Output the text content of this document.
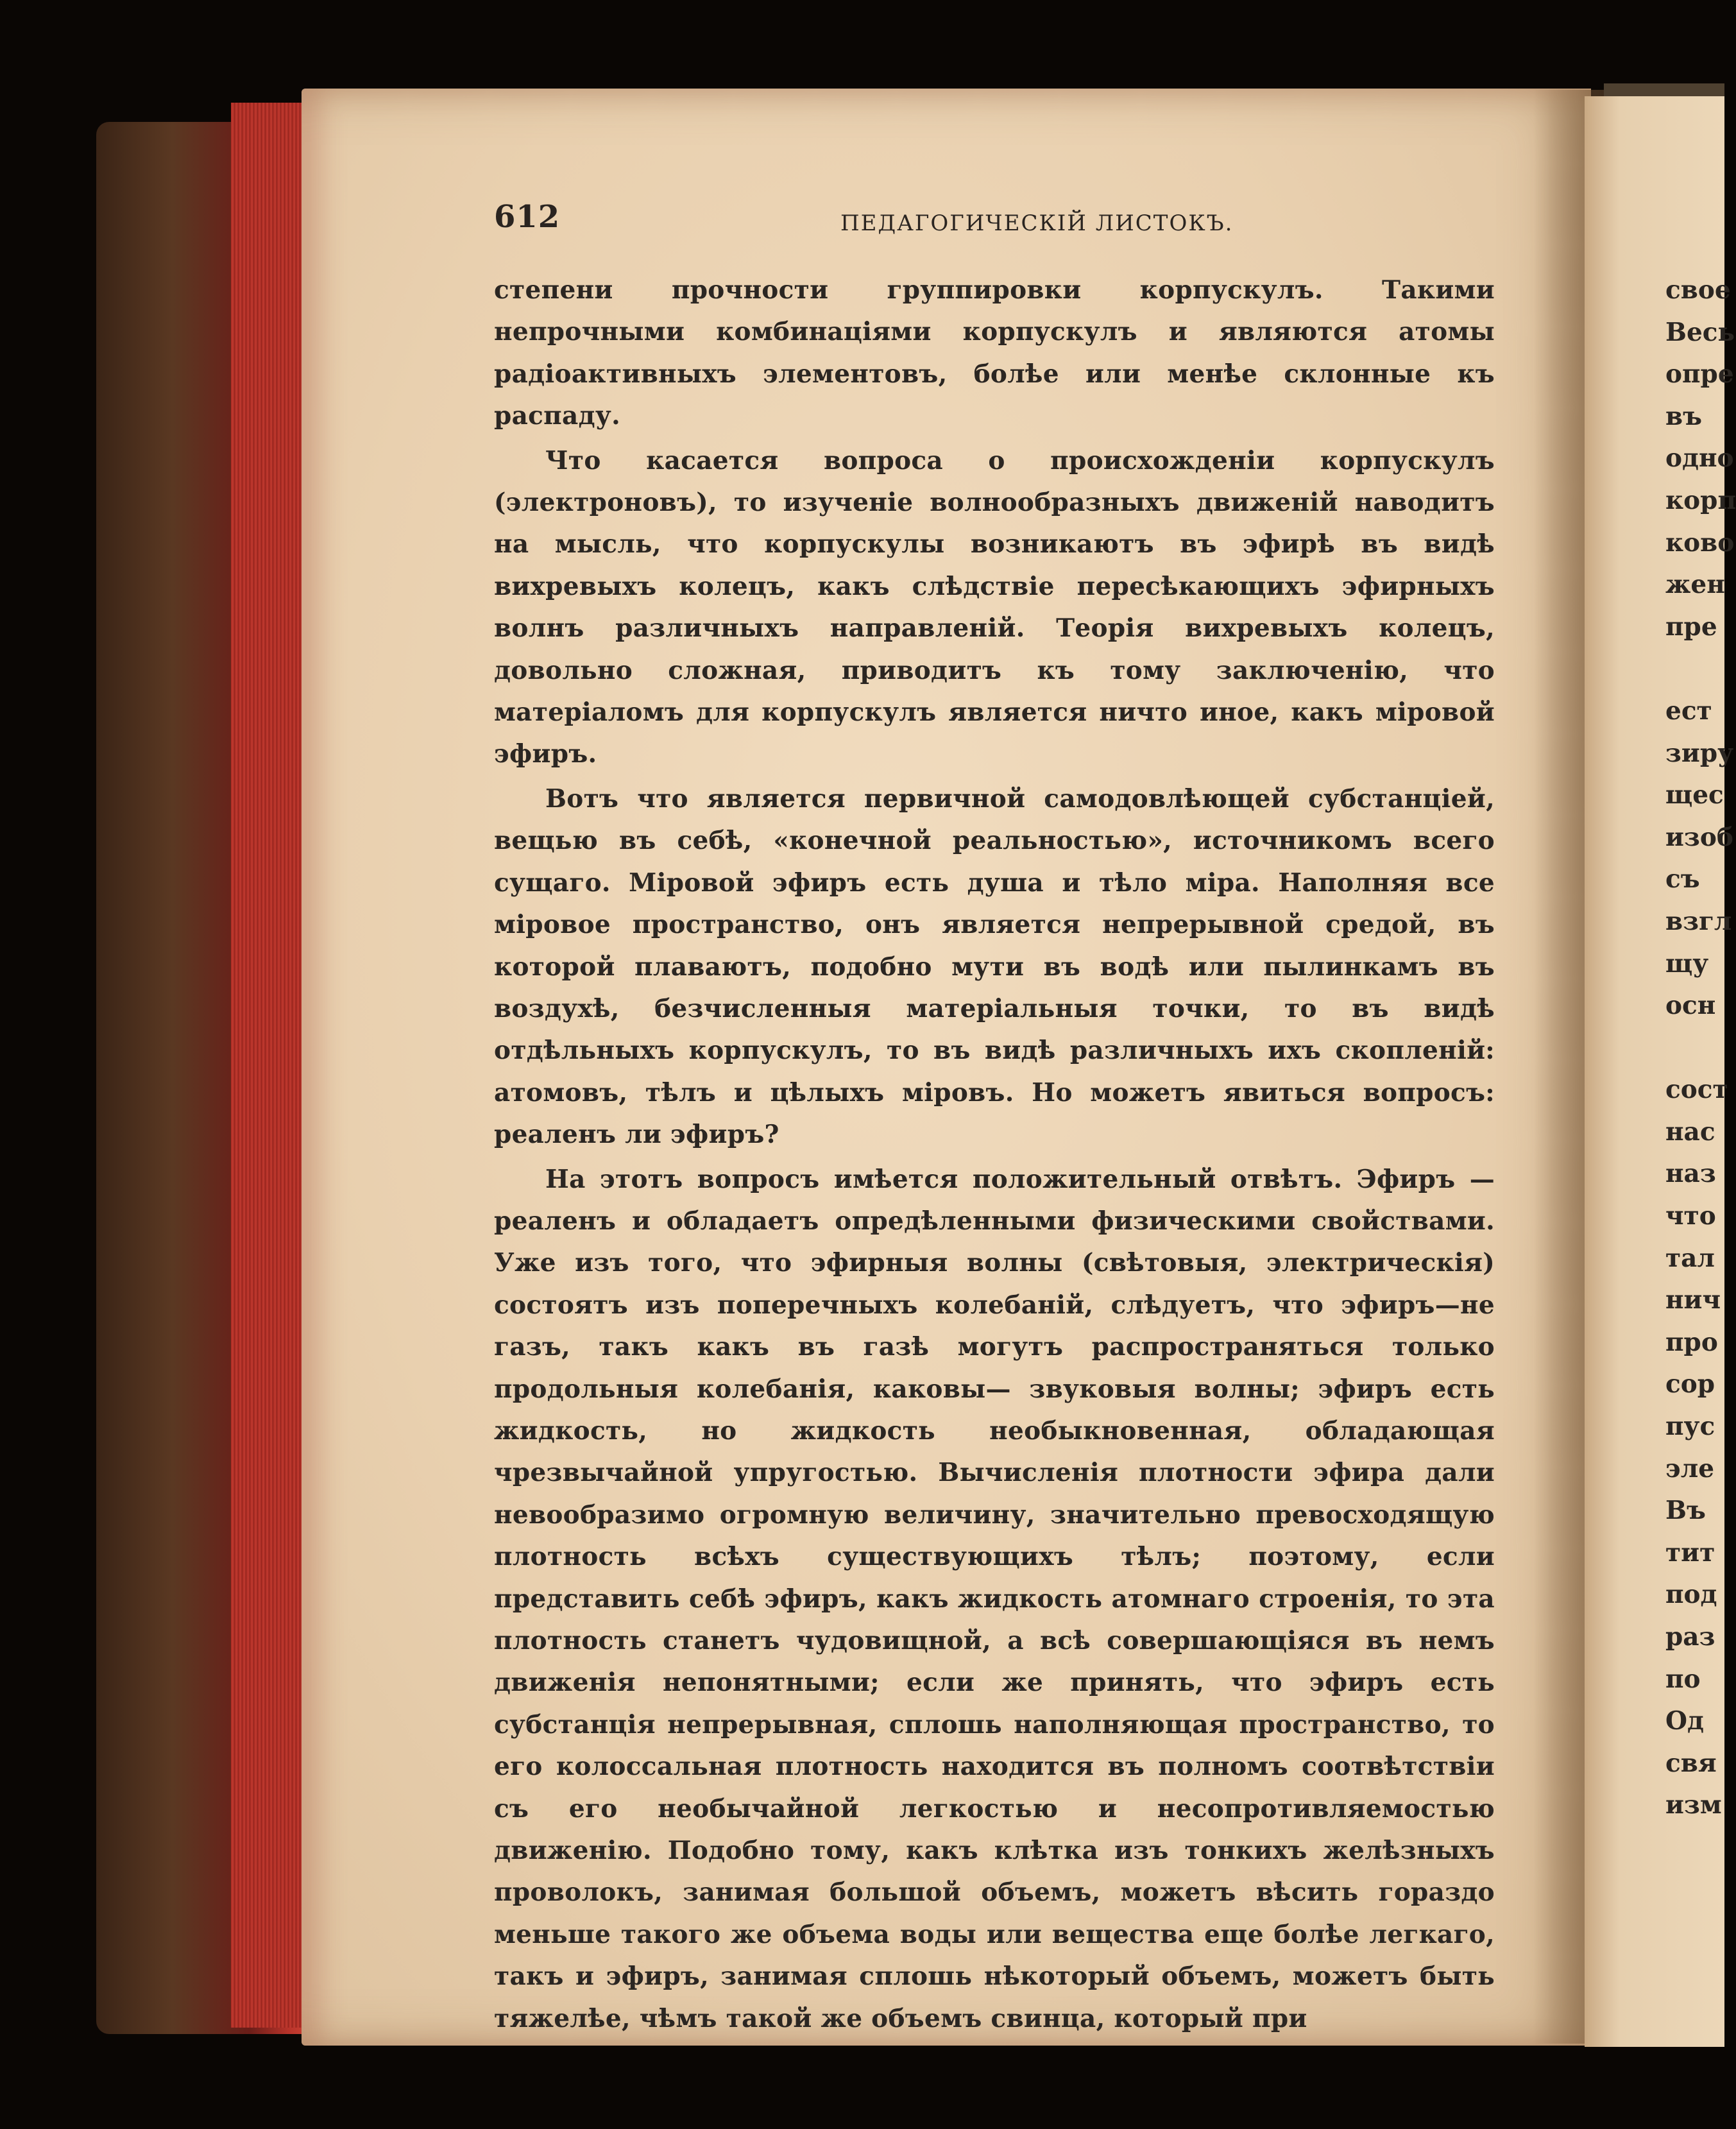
612	ПЕДАГОГИЧЕСКІЙ ЛИСТОКЪ.

степени прочности группировки корпускулъ. Такими непрочными комбинаціями корпускулъ и являются атомы радіоактивныхъ элементовъ, болѣе или менѣе склонные къ распаду.

Что касается вопроса о происхожденіи корпускулъ (электроновъ), то изученіе волнообразныхъ движеній наводитъ на мысль, что корпускулы возникаютъ въ эфирѣ въ видѣ вихревыхъ колецъ, какъ слѣдствіе пересѣкающихъ эфирныхъ волнъ различныхъ направленій. Теорія вихревыхъ колецъ, довольно сложная, приводитъ къ тому заключенію, что матеріаломъ для корпускулъ является ничто иное, какъ міровой эфиръ.

Вотъ что является первичной самодовлѣющей субстанціей, вещью въ себѣ, «конечной реальностью», источникомъ всего сущаго. Міровой эфиръ есть душа и тѣло міра. Наполняя все міровое пространство, онъ является непрерывной средой, въ которой плаваютъ, подобно мути въ водѣ или пылинкамъ въ воздухѣ, безчисленныя матеріальныя точки, то въ видѣ отдѣльныхъ корпускулъ, то въ видѣ различныхъ ихъ скопленій: атомовъ, тѣлъ и цѣлыхъ міровъ. Но можетъ явиться вопросъ: реаленъ ли эфиръ?

На этотъ вопросъ имѣется положительный отвѣтъ. Эфиръ — реаленъ и обладаетъ опредѣленными физическими свойствами. Уже изъ того, что эфирныя волны (свѣтовыя, электрическія) состоятъ изъ поперечныхъ колебаній, слѣдуетъ, что эфиръ—не газъ, такъ какъ въ газѣ могутъ распространяться только продольныя колебанія, каковы— звуковыя волны; эфиръ есть жидкость, но жидкость необыкновенная, обладающая чрезвычайной упругостью. Вычисленія плотности эфира дали невообразимо огромную величину, значительно превосходящую плотность всѣхъ существующихъ тѣлъ; поэтому, если представить себѣ эфиръ, какъ жидкость атомнаго строенія, то эта плотность станетъ чудовищной, а всѣ совершающіяся въ немъ движенія непонятными; если же принять, что эфиръ есть субстанція непрерывная, сплошь наполняющая пространство, то его колоссальная плотность находится въ полномъ соотвѣтствіи съ его необычайной легкостью и несопротивляемостью движенію. Подобно тому, какъ клѣтка изъ тонкихъ желѣзныхъ проволокъ, занимая большой объемъ, можетъ вѣсить гораздо меньше такого же объема воды или вещества еще болѣе легкаго, такъ и эфиръ, занимая сплошь нѣкоторый объемъ, можетъ быть тяжелѣе, чѣмъ такой же объемъ свинца, который при

свое
Весь
опре
въ
одно
корп
ково
жен
пре
ест
зиру
щес
изоб
съ
взгл
щу
осн
сост
нас
наз
что
тал
нич
про
сор
пус
эле
Въ
тит
под
раз
по
Од
свя
изм
